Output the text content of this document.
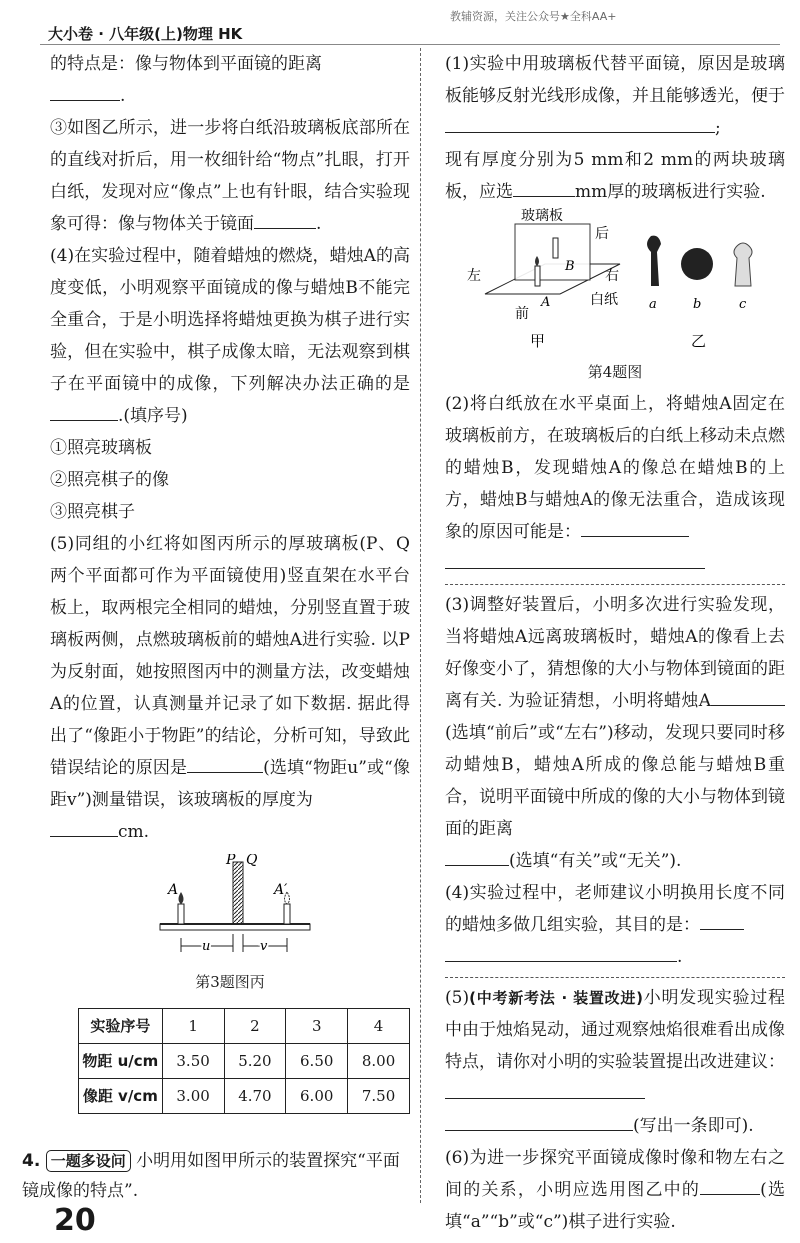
大小卷 · 八年级(上)物理 HK
教辅资源，关注公众号★全科AA+

的特点是：像与物体到平面镜的距离

.

③如图乙所示，进一步将白纸沿玻璃板底部所在的直线对折后，用一枚细针给“物点”扎眼，打开白纸，发现对应“像点”上也有针眼，结合实验现象可得：像与物体关于镜面	.

(4)在实验过程中，随着蜡烛的燃烧，蜡烛A的高度变低，小明观察平面镜成的像与蜡烛B不能完全重合，于是小明选择将蜡烛更换为棋子进行实验，但在实验中，棋子成像太暗，无法观察到棋子在平面镜中的成像，下列解决办法正确的是.(填序号)

①照亮玻璃板

②照亮棋子的像

③照亮棋子

(5)同组的小红将如图丙所示的厚玻璃板(P、Q两个平面都可作为平面镜使用)竖直架在水平台板上，取两根完全相同的蜡烛，分别竖直置于玻璃板两侧，点燃玻璃板前的蜡烛A进行实验. 以P为反射面，她按照图丙中的测量方法，改变蜡烛A的位置，认真测量并记录了如下数据. 据此得出了“像距小于物距”的结论，分析可知，导致此错误结论的原因是	(选填“物距u”或“像距v”)测量错误，该玻璃板的厚度为
cm.

P Q
A	A′
u	v
第3题图丙
实验序号	1	2	3	4
物距 u/cm	3.50	5.20	6.50	8.00
像距 v/cm	3.00	4.70	6.00	7.50
4. 一题多设问 小明用如图甲所示的装置探究“平面镜成像的特点”.

(1)实验中用玻璃板代替平面镜，原因是玻璃板能够反射光线形成像，并且能够透光，便于;

现有厚度分别为5 mm和2 mm的两块玻璃板，应选	mm厚的玻璃板进行实验.

玻璃板
后
左	右
B
A	白纸
前
甲
a	b	c
乙
第4题图

(2)将白纸放在水平桌面上，将蜡烛A固定在玻璃板前方，在玻璃板后的白纸上移动未点燃的蜡烛B，发现蜡烛A的像总在蜡烛B的上方，蜡烛B与蜡烛A的像无法重合，造成该现象的原因可能是：

(3)调整好装置后，小明多次进行实验发现，当将蜡烛A远离玻璃板时，蜡烛A的像看上去好像变小了，猜想像的大小与物体到镜面的距离有关. 为验证猜想，小明将蜡烛A(选填“前后”或“左右”)移动，发现只要同时移动蜡烛B，蜡烛A所成的像总能与蜡烛B重合，说明平面镜中所成的像的大小与物体到镜面的距离
(选填“有关”或“无关”).

(4)实验过程中，老师建议小明换用长度不同的蜡烛多做几组实验，其目的是：
.

(5)(中考新考法 · 装置改进)小明发现实验过程中由于烛焰晃动，通过观察烛焰很难看出成像特点，请你对小明的实验装置提出改进建议：
(写出一条即可).

(6)为进一步探究平面镜成像时像和物左右之间的关系，小明应选用图乙中的	(选填“a”“b”或“c”)棋子进行实验.

20
